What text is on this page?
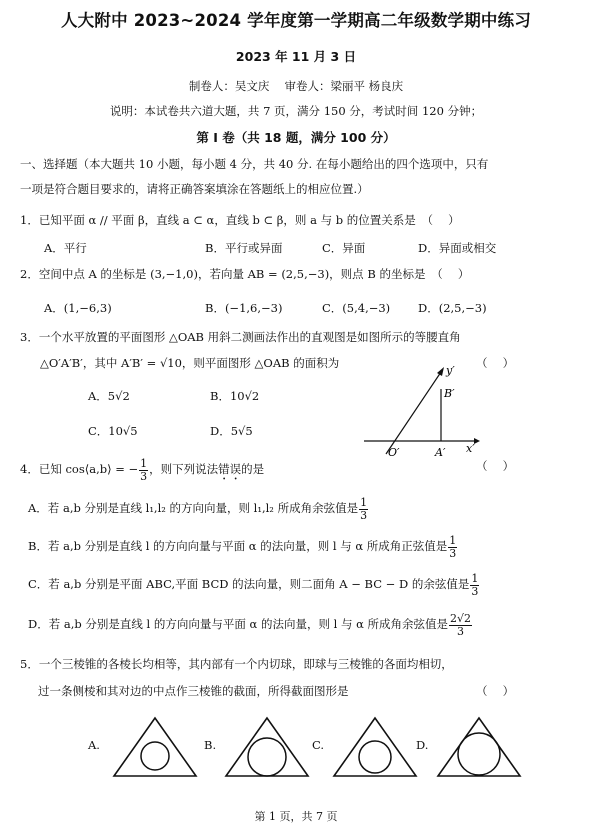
人大附中 2023~2024 学年度第一学期高二年级数学期中练习
2023 年 11 月 3 日
制卷人：吴文庆　 审卷人：梁丽平 杨良庆
说明：本试卷共六道大题，共 7 页，满分 150 分，考试时间 120 分钟；
第 I 卷（共 18 题，满分 100 分）
一、选择题（本大题共 10 小题，每小题 4 分，共 40 分. 在每小题给出的四个选项中，只有
一项是符合题目要求的，请将正确答案填涂在答题纸上的相应位置.）
1．已知平面 α // 平面 β，直线 a ⊂ α，直线 b ⊂ β，则 a 与 b 的位置关系是　（　 ）
A．平行	B．平行或异面	C．异面	D．异面或相交
2．空间中点 A 的坐标是 (3,−1,0)，若向量 AB = (2,5,−3)，则点 B 的坐标是　（　 ）
A．(1,−6,3)	B．(−1,6,−3)	C．(5,4,−3) D．(2,5,−3)
3．一个水平放置的平面图形 △OAB 用斜二测画法作出的直观图是如图所示的等腰直角
△O′A′B′，其中 A′B′ = √10，则平面图形 △OAB 的面积为	（　 ）
A．5√2	B．10√2
C．10√5	D．5√5
y′
B′
O′	A′ x′
4．已知 cos⟨a,b⟩ = − $\frac{1}{3}$ ，则下列说法错误的是	（　 ）
A．若 a,b 分别是直线 l₁,l₂ 的方向向量，则 l₁,l₂ 所成角余弦值是 $\frac{1}{3}$
B．若 a,b 分别是直线 l 的方向向量与平面 α 的法向量，则 l 与 α 所成角正弦值是 $\frac{1}{3}$
C．若 a,b 分别是平面 ABC,平面 BCD 的法向量，则二面角 A − BC − D 的余弦值是 $\frac{1}{3}$
D．若 a,b 分别是直线 l 的方向向量与平面 α 的法向量，则 l 与 α 所成角余弦值是 $\frac{2√2}{3}$
5．一个三棱锥的各棱长均相等，其内部有一个内切球，即球与三棱锥的各面均相切，
过一条侧棱和其对边的中点作三棱锥的截面，所得截面图形是	（　 ）
A.	B.	C.	D.
第 1 页，共 7 页
